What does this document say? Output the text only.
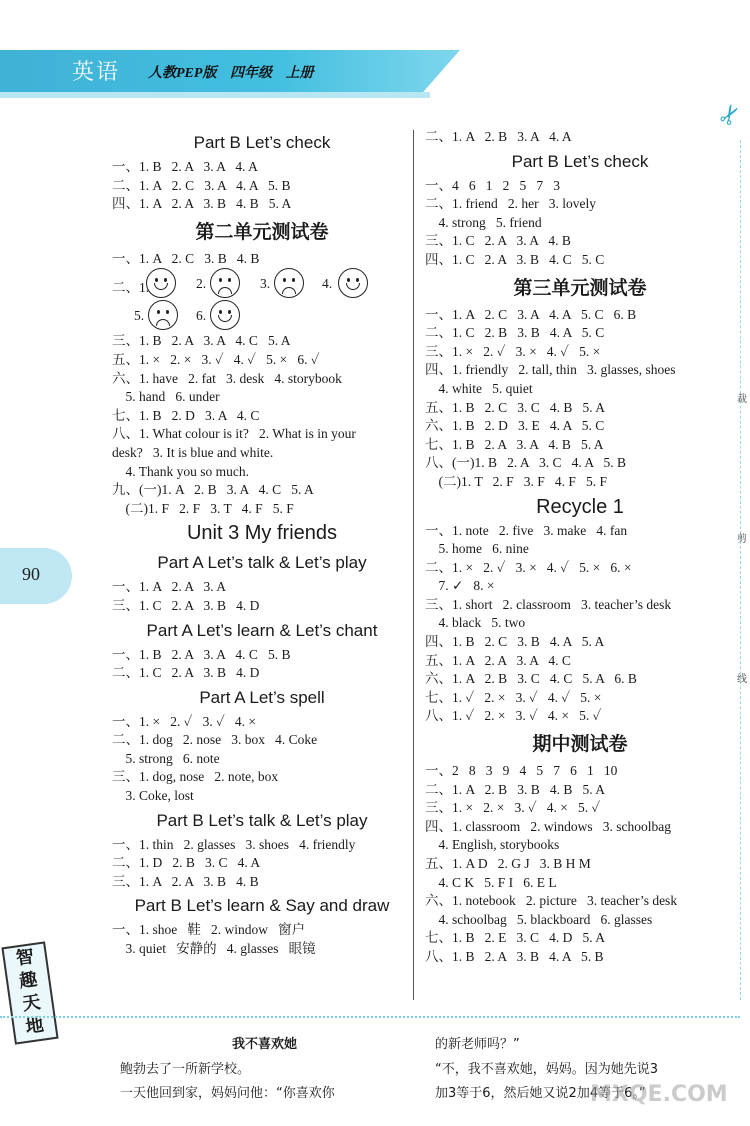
英语 人教PEP版 四年级 上册
✂
裁
剪
线
Part B Let’s check
一、1. B   2. A   3. A   4. A
二、1. A   2. C   3. A   4. A   5. B
四、1. A   2. A   3. B   4. B   5. A
第二单元测试卷
一、1. A   2. C   3. B   4. B
二、1.	2.	3.	4.
5.	6.
三、1. B   2. A   3. A   4. C   5. A
五、1. ×   2. ×   3. ✓   4. ✓   5. ×   6. ✓
六、1. have   2. fat   3. desk   4. storybook
5. hand   6. under
七、1. B   2. D   3. A   4. C
八、1. What colour is it?   2. What is in your
desk?   3. It is blue and white.
4. Thank you so much.
九、(一)1. A   2. B   3. A   4. C   5. A
(二)1. F   2. F   3. T   4. F   5. F
Unit 3 My friends
Part A Let’s talk & Let’s play
一、1. A   2. A   3. A
三、1. C   2. A   3. B   4. D
Part A Let’s learn & Let’s chant
一、1. B   2. A   3. A   4. C   5. B
二、1. C   2. A   3. B   4. D
Part A Let’s spell
一、1. ×   2. ✓   3. ✓   4. ×
二、1. dog   2. nose   3. box   4. Coke
5. strong   6. note
三、1. dog, nose   2. note, box
3. Coke, lost
Part B Let’s talk & Let’s play
一、1. thin   2. glasses   3. shoes   4. friendly
二、1. D   2. B   3. C   4. A
三、1. A   2. A   3. B   4. B
Part B Let’s learn & Say and draw
一、1. shoe   鞋   2. window   窗户
3. quiet   安静的   4. glasses   眼镜
二、1. A   2. B   3. A   4. A
Part B Let’s check
一、4   6   1   2   5   7   3
二、1. friend   2. her   3. lovely
4. strong   5. friend
三、1. C   2. A   3. A   4. B
四、1. C   2. A   3. B   4. C   5. C
第三单元测试卷
一、1. A   2. C   3. A   4. A   5. C   6. B
二、1. C   2. B   3. B   4. A   5. C
三、1. ×   2. ✓   3. ×   4. ✓   5. ×
四、1. friendly   2. tall, thin   3. glasses, shoes
4. white   5. quiet
五、1. B   2. C   3. C   4. B   5. A
六、1. B   2. D   3. E   4. A   5. C
七、1. B   2. A   3. A   4. B   5. A
八、(一)1. B   2. A   3. C   4. A   5. B
(二)1. T   2. F   3. F   4. F   5. F
Recycle 1
一、1. note   2. five   3. make   4. fan
5. home   6. nine
二、1. ×   2. ✓   3. ×   4. ✓   5. ×   6. ×
7. ✓   8. ×
三、1. short   2. classroom   3. teacher’s desk
4. black   5. two
四、1. B   2. C   3. B   4. A   5. A
五、1. A   2. A   3. A   4. C
六、1. A   2. B   3. C   4. C   5. A   6. B
七、1. ✓   2. ×   3. ✓   4. ✓   5. ×
八、1. ✓   2. ×   3. ✓   4. ×   5. ✓
期中测试卷
一、2   8   3   9   4   5   7   6   1   10
二、1. A   2. B   3. B   4. B   5. A
三、1. ×   2. ×   3. ✓   4. ×   5. ✓
四、1. classroom   2. windows   3. schoolbag
4. English, storybooks
五、1. A D   2. G J   3. B H M
4. C K   5. F I   6. E L
六、1. notebook   2. picture   3. teacher’s desk
4. schoolbag   5. blackboard   6. glasses
七、1. B   2. E   3. C   4. D   5. A
八、1. B   2. A   3. B   4. A   5. B
90
智
趣
天
地
我不喜欢她
鲍勃去了一所新学校。
一天他回到家，妈妈问他：“你喜欢你
的新老师吗？”
“不，我不喜欢她，妈妈。因为她先说3
加3等于6，然后她又说2加4等于6。”
MXQE.COM
